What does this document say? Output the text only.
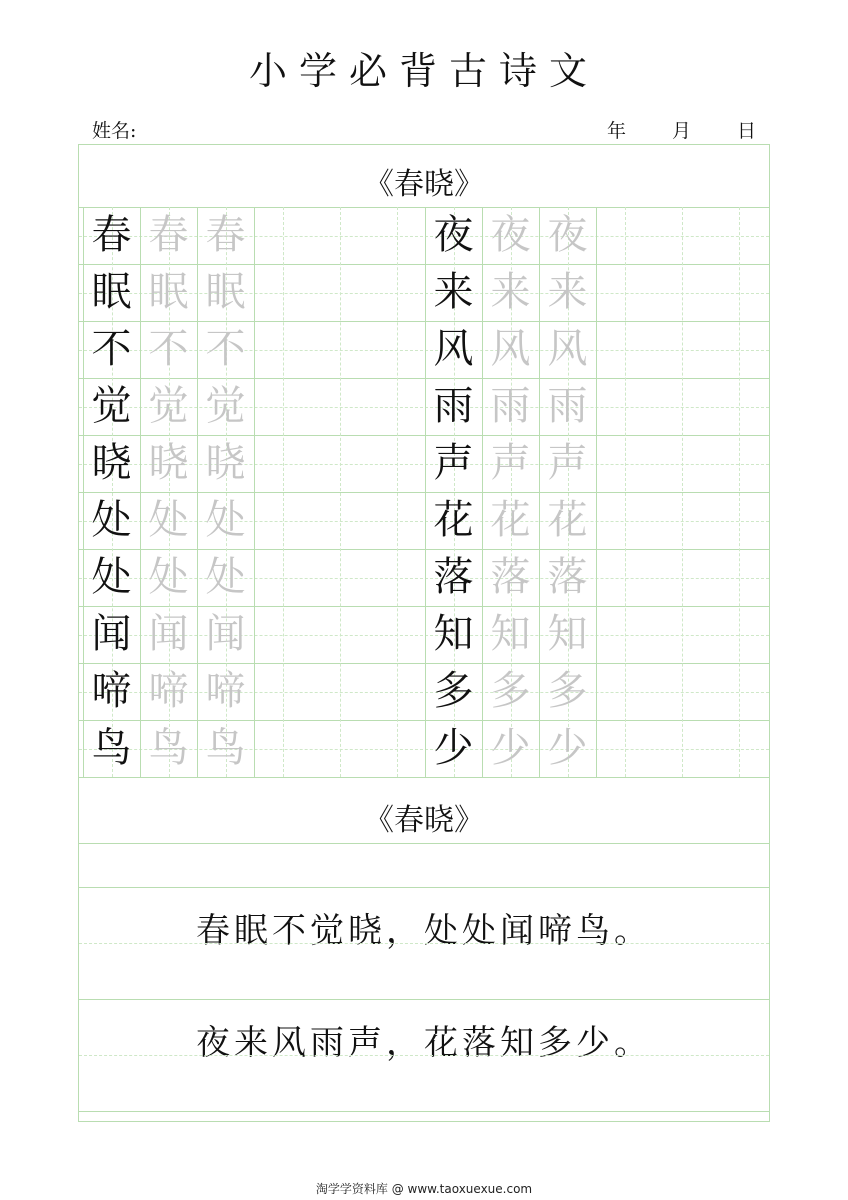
小学必背古诗文
姓名:	年 月 日
《春晓》
《春晓》
春眠不觉晓，处处闻啼鸟。
夜来风雨声，花落知多少。
春 春 春
眠 眠 眠
不 不 不
觉 觉 觉
晓 晓 晓
处 处 处
处 处 处
闻 闻 闻
啼 啼 啼
鸟 鸟 鸟
夜 夜 夜
来 来 来
风 风 风
雨 雨 雨
声 声 声
花 花 花
落 落 落
知 知 知
多 多 多
少 少 少
淘学学资料库 @ www.taoxuexue.com
